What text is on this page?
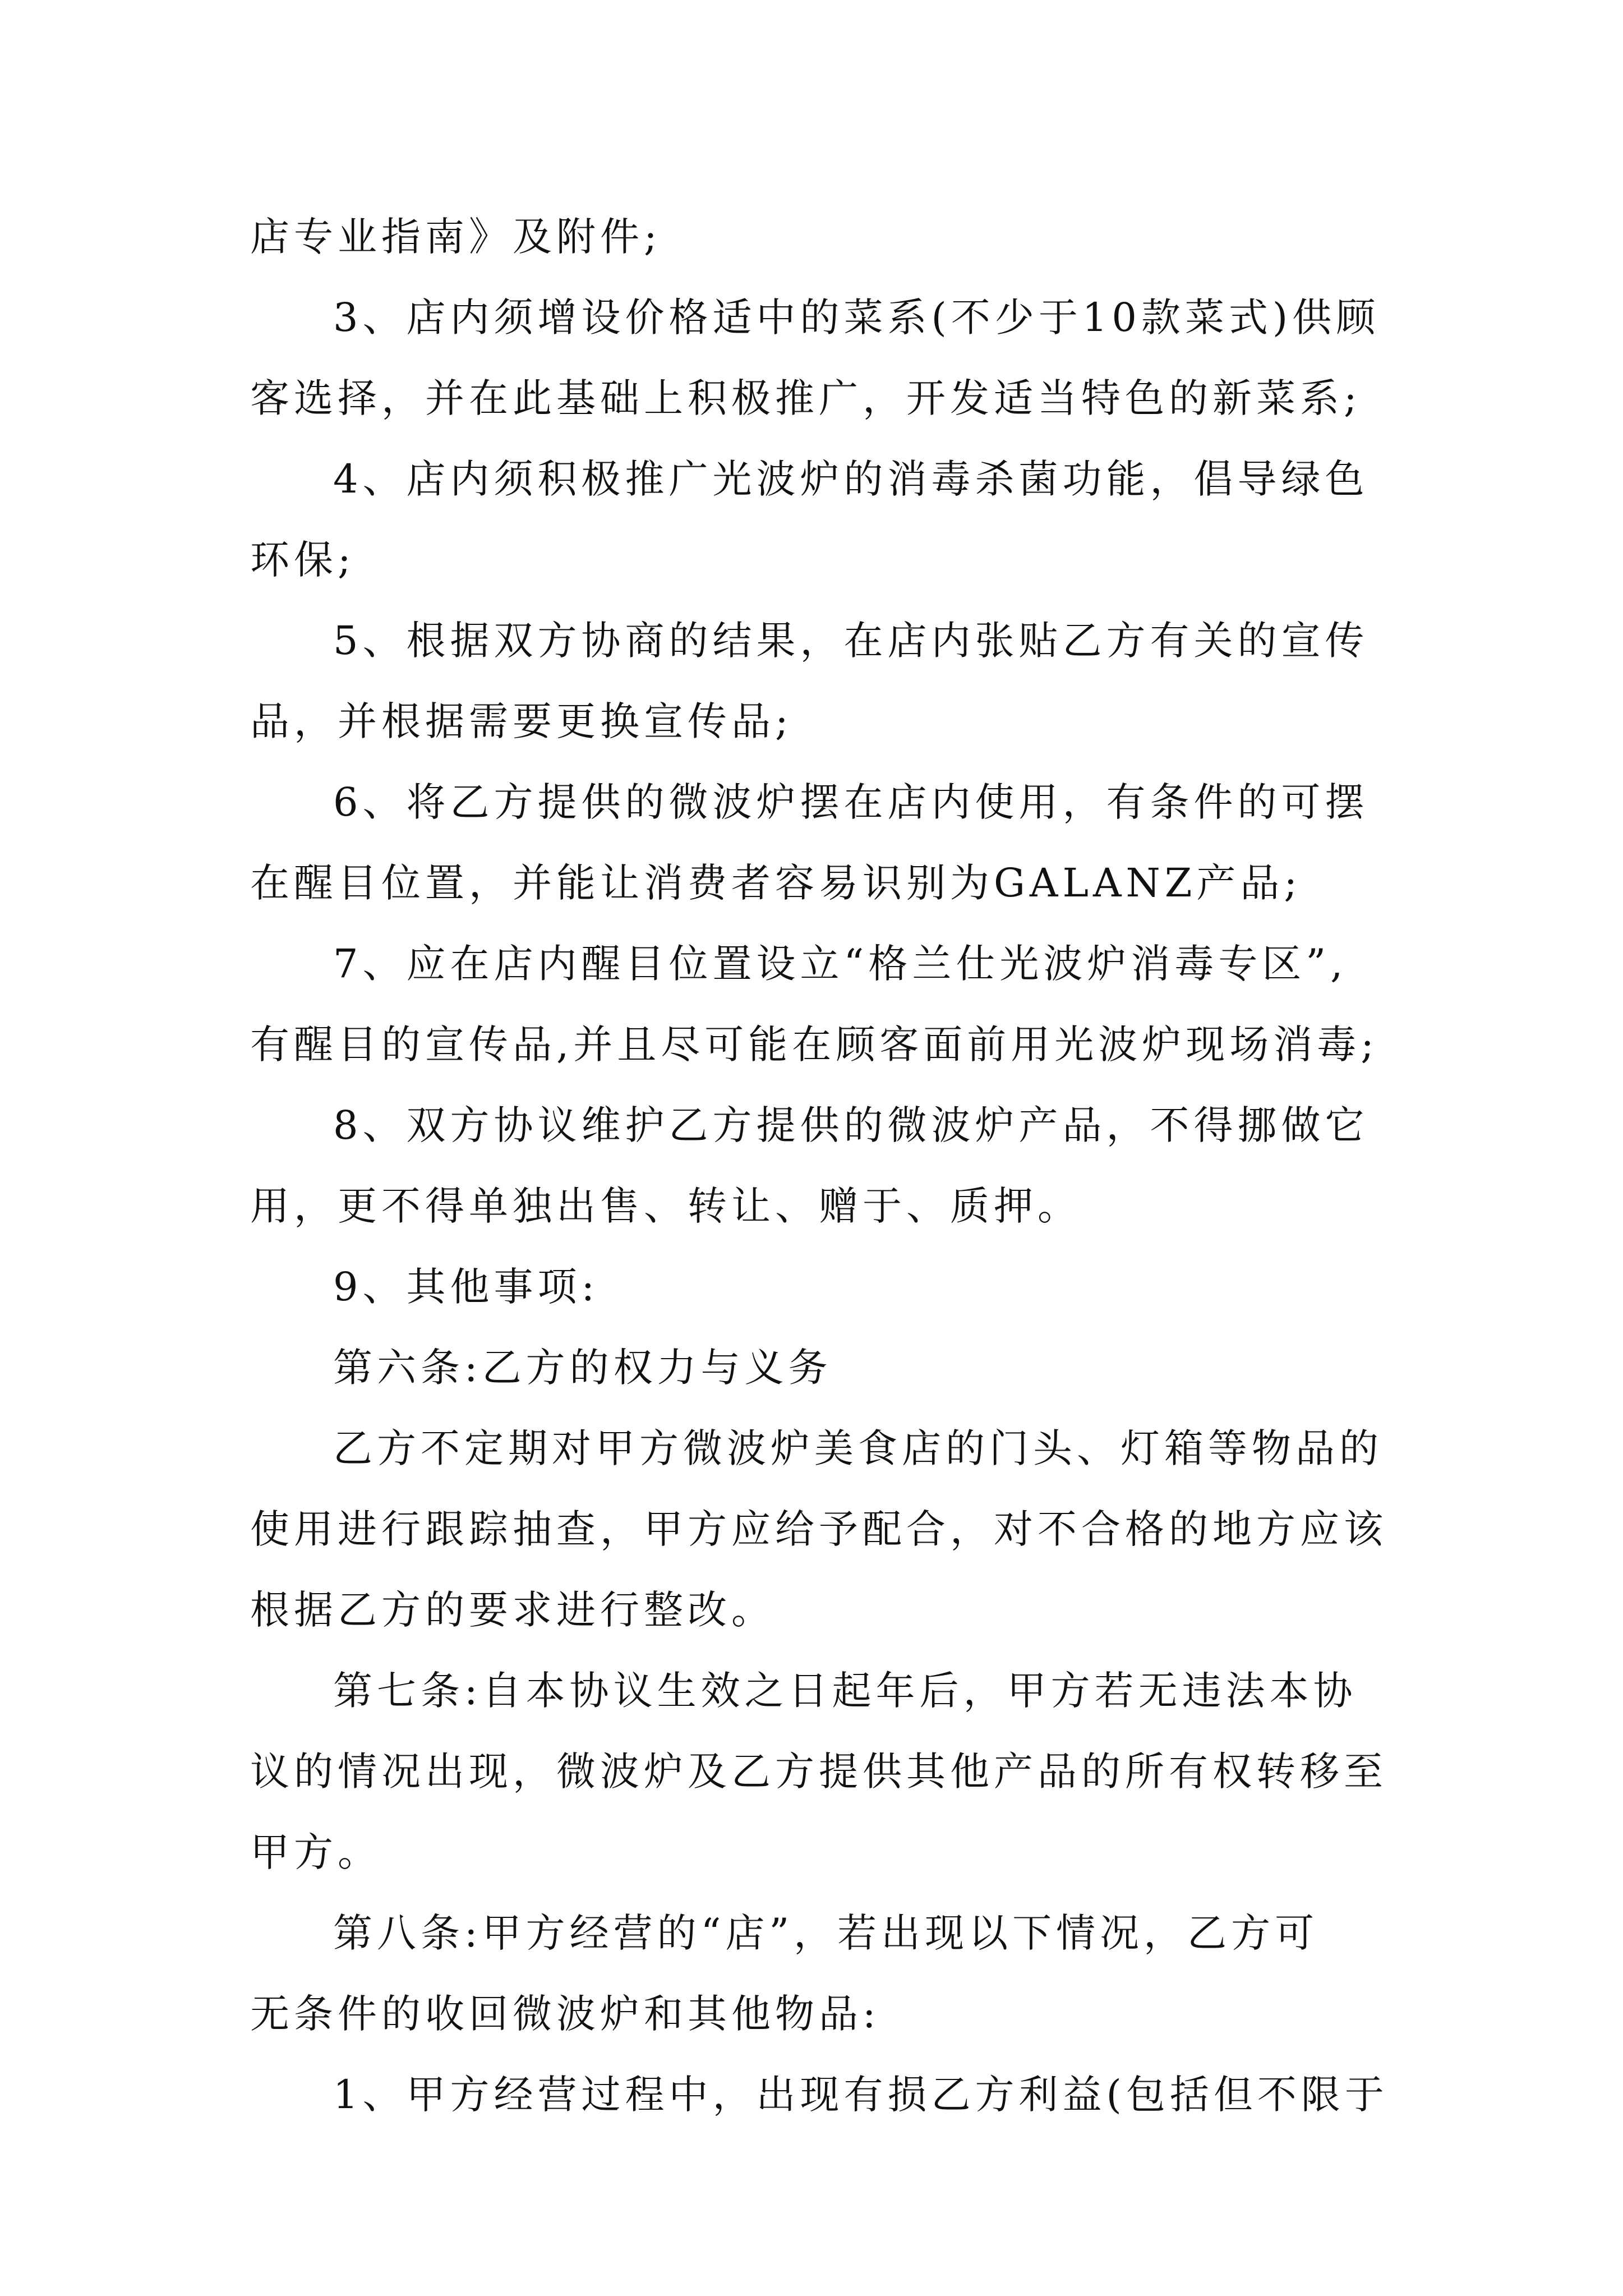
店专业指南》及附件;
3、店内须增设价格适中的菜系(不少于10款菜式)供顾
客选择，并在此基础上积极推广，开发适当特色的新菜系;
4、店内须积极推广光波炉的消毒杀菌功能，倡导绿色
环保;
5、根据双方协商的结果，在店内张贴乙方有关的宣传
品，并根据需要更换宣传品;
6、将乙方提供的微波炉摆在店内使用，有条件的可摆
在醒目位置，并能让消费者容易识别为GALANZ产品;
7、应在店内醒目位置设立“格兰仕光波炉消毒专区”,
有醒目的宣传品,并且尽可能在顾客面前用光波炉现场消毒;
8、双方协议维护乙方提供的微波炉产品，不得挪做它
用，更不得单独出售、转让、赠于、质押。
9、其他事项:
第六条:乙方的权力与义务
乙方不定期对甲方微波炉美食店的门头、灯箱等物品的
使用进行跟踪抽查，甲方应给予配合，对不合格的地方应该
根据乙方的要求进行整改。
第七条:自本协议生效之日起年后，甲方若无违法本协
议的情况出现，微波炉及乙方提供其他产品的所有权转移至
甲方。
第八条:甲方经营的“店”，若出现以下情况，乙方可
无条件的收回微波炉和其他物品:
1、甲方经营过程中，出现有损乙方利益(包括但不限于
